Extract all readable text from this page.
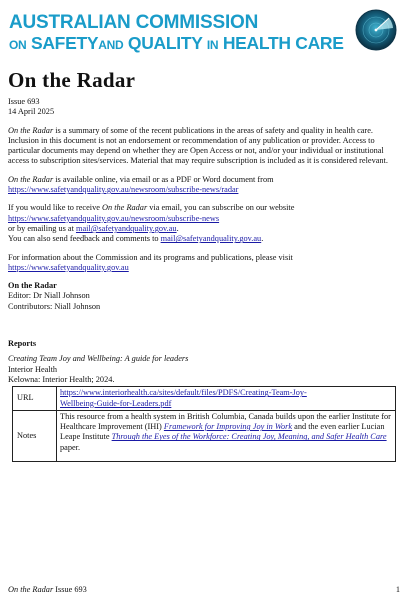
AUSTRALIAN COMMISSION
ON SAFETYAND QUALITY IN HEALTH CARE
On the Radar

Issue 693

14 April 2025

On the Radar is a summary of some of the recent publications in the areas of safety and quality in health care. Inclusion in this document is not an endorsement or recommendation of any publication or provider. Access to particular documents may depend on whether they are Open Access or not, and/or your individual or institutional access to subscription sites/services. Material that may require subscription is included as it is considered relevant.

On the Radar is available online, via email or as a PDF or Word document from

https://www.safetyandquality.gov.au/newsroom/subscribe-news/radar

If you would like to receive On the Radar via email, you can subscribe on our website

https://www.safetyandquality.gov.au/newsroom/subscribe-news

or by emailing us at mail@safetyandquality.gov.au.

You can also send feedback and comments to mail@safetyandquality.gov.au.

For information about the Commission and its programs and publications, please visit

https://www.safetyandquality.gov.au

On the Radar

Editor: Dr Niall Johnson

Contributors: Niall Johnson

Reports

Creating Team Joy and Wellbeing: A guide for leaders

Interior Health

Kelowna: Interior Health; 2024.

URL	https://www.interiorhealth.ca/sites/default/files/PDFS/Creating-Team-Joy-
Wellbeing-Guide-for-Leaders.pdf
Notes	This resource from a health system in British Columbia, Canada builds upon the earlier Institute for Healthcare Improvement (IHI) Framework for Improving Joy in Work and the even earlier Lucian Leape Institute Through the Eyes of the Workforce: Creating Joy, Meaning, and Safer Health Care paper.
On the Radar Issue 693	1
